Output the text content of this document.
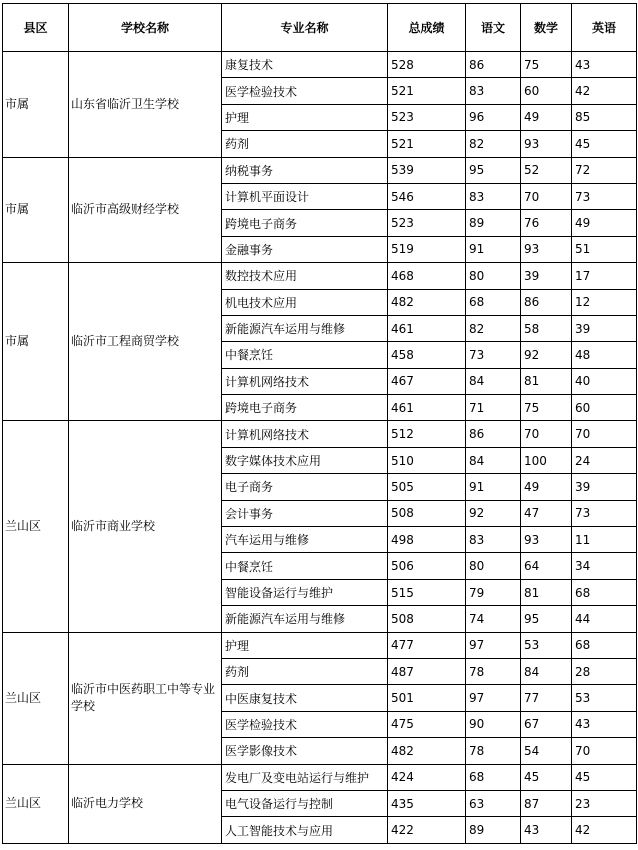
县区	学校名称	专业名称	总成绩	语文	数学	英语
市属	山东省临沂卫生学校	康复技术	528	86	75	43
		医学检验技术	521	83	60	42
		护理	523	96	49	85
		药剂	521	82	93	45
市属	临沂市高级财经学校	纳税事务	539	95	52	72
		计算机平面设计	546	83	70	73
		跨境电子商务	523	89	76	49
		金融事务	519	91	93	51
市属	临沂市工程商贸学校	数控技术应用	468	80	39	17
		机电技术应用	482	68	86	12
		新能源汽车运用与维修	461	82	58	39
		中餐烹饪	458	73	92	48
		计算机网络技术	467	84	81	40
		跨境电子商务	461	71	75	60
兰山区	临沂市商业学校	计算机网络技术	512	86	70	70
		数字媒体技术应用	510	84	100	24
		电子商务	505	91	49	39
		会计事务	508	92	47	73
		汽车运用与维修	498	83	93	11
		中餐烹饪	506	80	64	34
		智能设备运行与维护	515	79	81	68
		新能源汽车运用与维修	508	74	95	44
兰山区	临沂市中医药职工中等专业学校	护理	477	97	53	68
		药剂	487	78	84	28
		中医康复技术	501	97	77	53
		医学检验技术	475	90	67	43
		医学影像技术	482	78	54	70
兰山区	临沂电力学校	发电厂及变电站运行与维护	424	68	45	45
		电气设备运行与控制	435	63	87	23
		人工智能技术与应用	422	89	43	42
